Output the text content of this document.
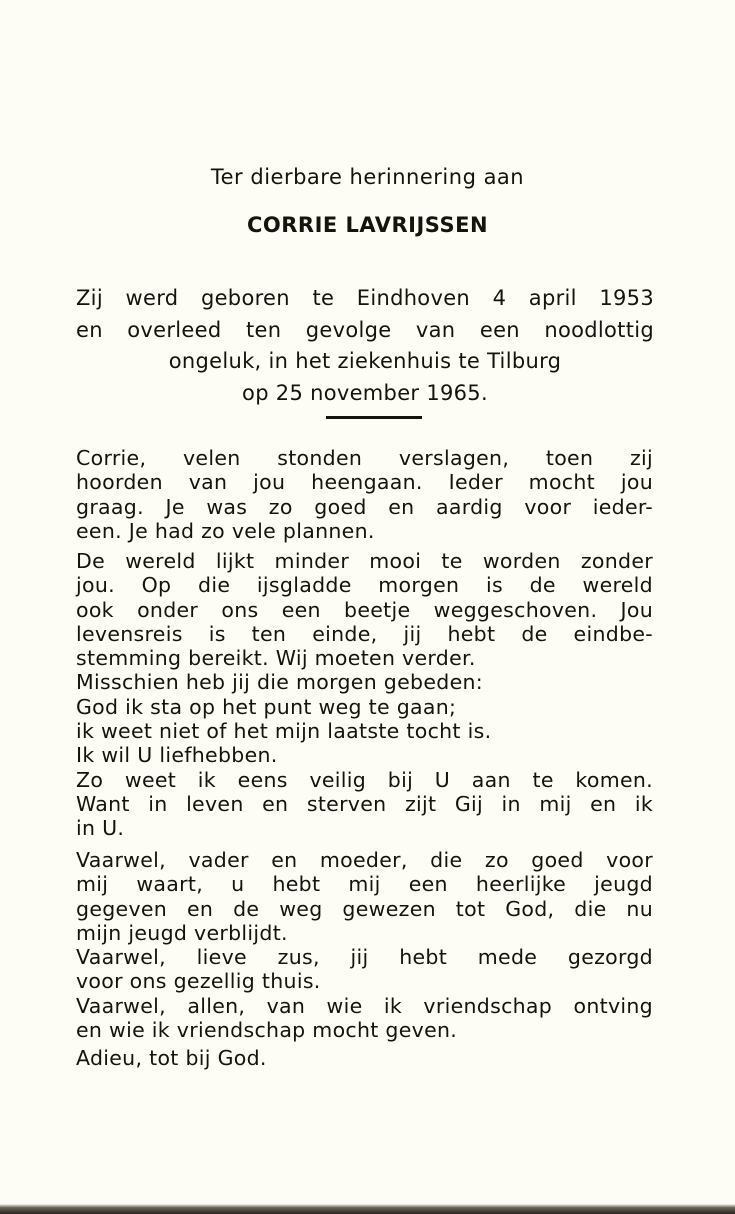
Ter dierbare herinnering aan
CORRIE LAVRIJSSEN
Zij werd geboren te Eindhoven 4 april 1953
en overleed ten gevolge van een noodlottig
ongeluk, in het ziekenhuis te Tilburg
op 25 november 1965.
Corrie, velen stonden verslagen, toen zij
hoorden van jou heengaan. Ieder mocht jou
graag. Je was zo goed en aardig voor ieder-
een. Je had zo vele plannen.
De wereld lijkt minder mooi te worden zonder
jou. Op die ijsgladde morgen is de wereld
ook onder ons een beetje weggeschoven. Jou
levensreis is ten einde, jij hebt de eindbe-
stemming bereikt. Wij moeten verder.
Misschien heb jij die morgen gebeden:
God ik sta op het punt weg te gaan;
ik weet niet of het mijn laatste tocht is.
Ik wil U liefhebben.
Zo weet ik eens veilig bij U aan te komen.
Want in leven en sterven zijt Gij in mij en ik
in U.
Vaarwel, vader en moeder, die zo goed voor
mij waart, u hebt mij een heerlijke jeugd
gegeven en de weg gewezen tot God, die nu
mijn jeugd verblijdt.
Vaarwel, lieve zus, jij hebt mede gezorgd
voor ons gezellig thuis.
Vaarwel, allen, van wie ik vriendschap ontving
en wie ik vriendschap mocht geven.
Adieu, tot bij God.
